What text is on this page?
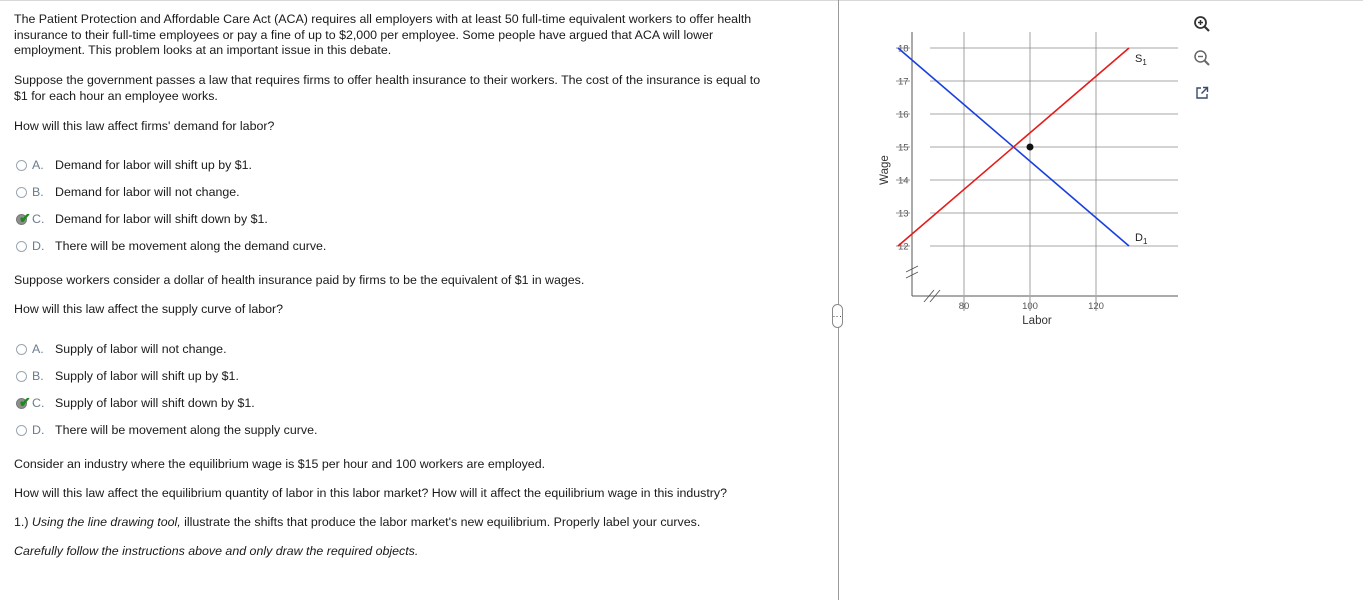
The Patient Protection and Affordable Care Act (ACA) requires all employers with at least 50 full-time equivalent workers to offer health
insurance to their full-time employees or pay a fine of up to $2,000 per employee. Some people have argued that ACA will lower
employment. This problem looks at an important issue in this debate.
Suppose the government passes a law that requires firms to offer health insurance to their workers. The cost of the insurance is equal to
$1 for each hour an employee works.
How will this law affect firms' demand for labor?
A. Demand for labor will shift up by $1.
B. Demand for labor will not change.
✔ C. Demand for labor will shift down by $1.
D. There will be movement along the demand curve.
Suppose workers consider a dollar of health insurance paid by firms to be the equivalent of $1 in wages.
How will this law affect the supply curve of labor?
A. Supply of labor will not change.
B. Supply of labor will shift up by $1.
✔ C. Supply of labor will shift down by $1.
D. There will be movement along the supply curve.
Consider an industry where the equilibrium wage is $15 per hour and 100 workers are employed.
How will this law affect the equilibrium quantity of labor in this labor market? How will it affect the equilibrium wage in this industry?
1.) Using the line drawing tool, illustrate the shifts that produce the labor market's new equilibrium. Properly label your curves.
Carefully follow the instructions above and only draw the required objects.
⋮
12
13
14
15
16
17
18
80	100	120
$D_1$
$S_1$
Labor
Wage
